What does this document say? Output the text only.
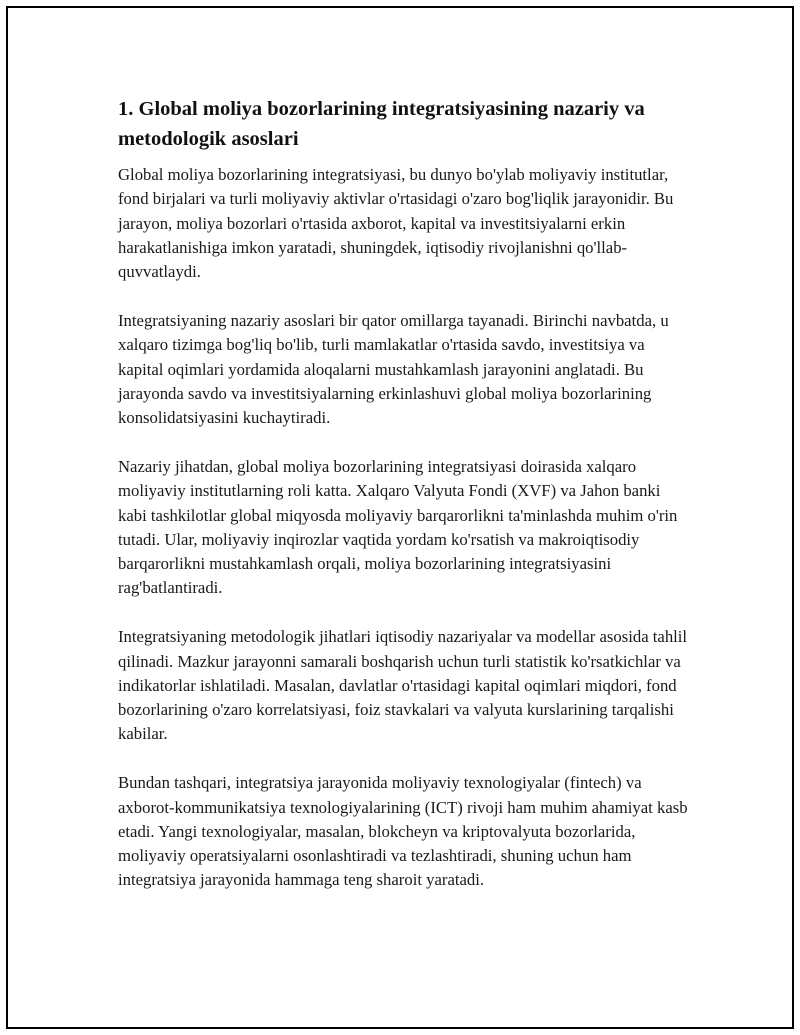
1. Global moliya bozorlarining integratsiyasining nazariy va metodologik asoslari

Global moliya bozorlarining integratsiyasi, bu dunyo bo'ylab moliyaviy institutlar, fond birjalari va turli moliyaviy aktivlar o'rtasidagi o'zaro bog'liqlik jarayonidir. Bu jarayon, moliya bozorlari o'rtasida axborot, kapital va investitsiyalarni erkin harakatlanishiga imkon yaratadi, shuningdek, iqtisodiy rivojlanishni qo'llab-quvvatlaydi.

Integratsiyaning nazariy asoslari bir qator omillarga tayanadi. Birinchi navbatda, u xalqaro tizimga bog'liq bo'lib, turli mamlakatlar o'rtasida savdo, investitsiya va kapital oqimlari yordamida aloqalarni mustahkamlash jarayonini anglatadi. Bu jarayonda savdo va investitsiyalarning erkinlashuvi global moliya bozorlarining konsolidatsiyasini kuchaytiradi.

Nazariy jihatdan, global moliya bozorlarining integratsiyasi doirasida xalqaro moliyaviy institutlarning roli katta. Xalqaro Valyuta Fondi (XVF) va Jahon banki kabi tashkilotlar global miqyosda moliyaviy barqarorlikni ta'minlashda muhim o'rin tutadi. Ular, moliyaviy inqirozlar vaqtida yordam ko'rsatish va makroiqtisodiy barqarorlikni mustahkamlash orqali, moliya bozorlarining integratsiyasini rag'batlantiradi.

Integratsiyaning metodologik jihatlari iqtisodiy nazariyalar va modellar asosida tahlil qilinadi. Mazkur jarayonni samarali boshqarish uchun turli statistik ko'rsatkichlar va indikatorlar ishlatiladi. Masalan, davlatlar o'rtasidagi kapital oqimlari miqdori, fond bozorlarining o'zaro korrelatsiyasi, foiz stavkalari va valyuta kurslarining tarqalishi kabilar.

Bundan tashqari, integratsiya jarayonida moliyaviy texnologiyalar (fintech) va axborot-kommunikatsiya texnologiyalarining (ICT) rivoji ham muhim ahamiyat kasb etadi. Yangi texnologiyalar, masalan, blokcheyn va kriptovalyuta bozorlarida, moliyaviy operatsiyalarni osonlashtiradi va tezlashtiradi, shuning uchun ham integratsiya jarayonida hammaga teng sharoit yaratadi.
